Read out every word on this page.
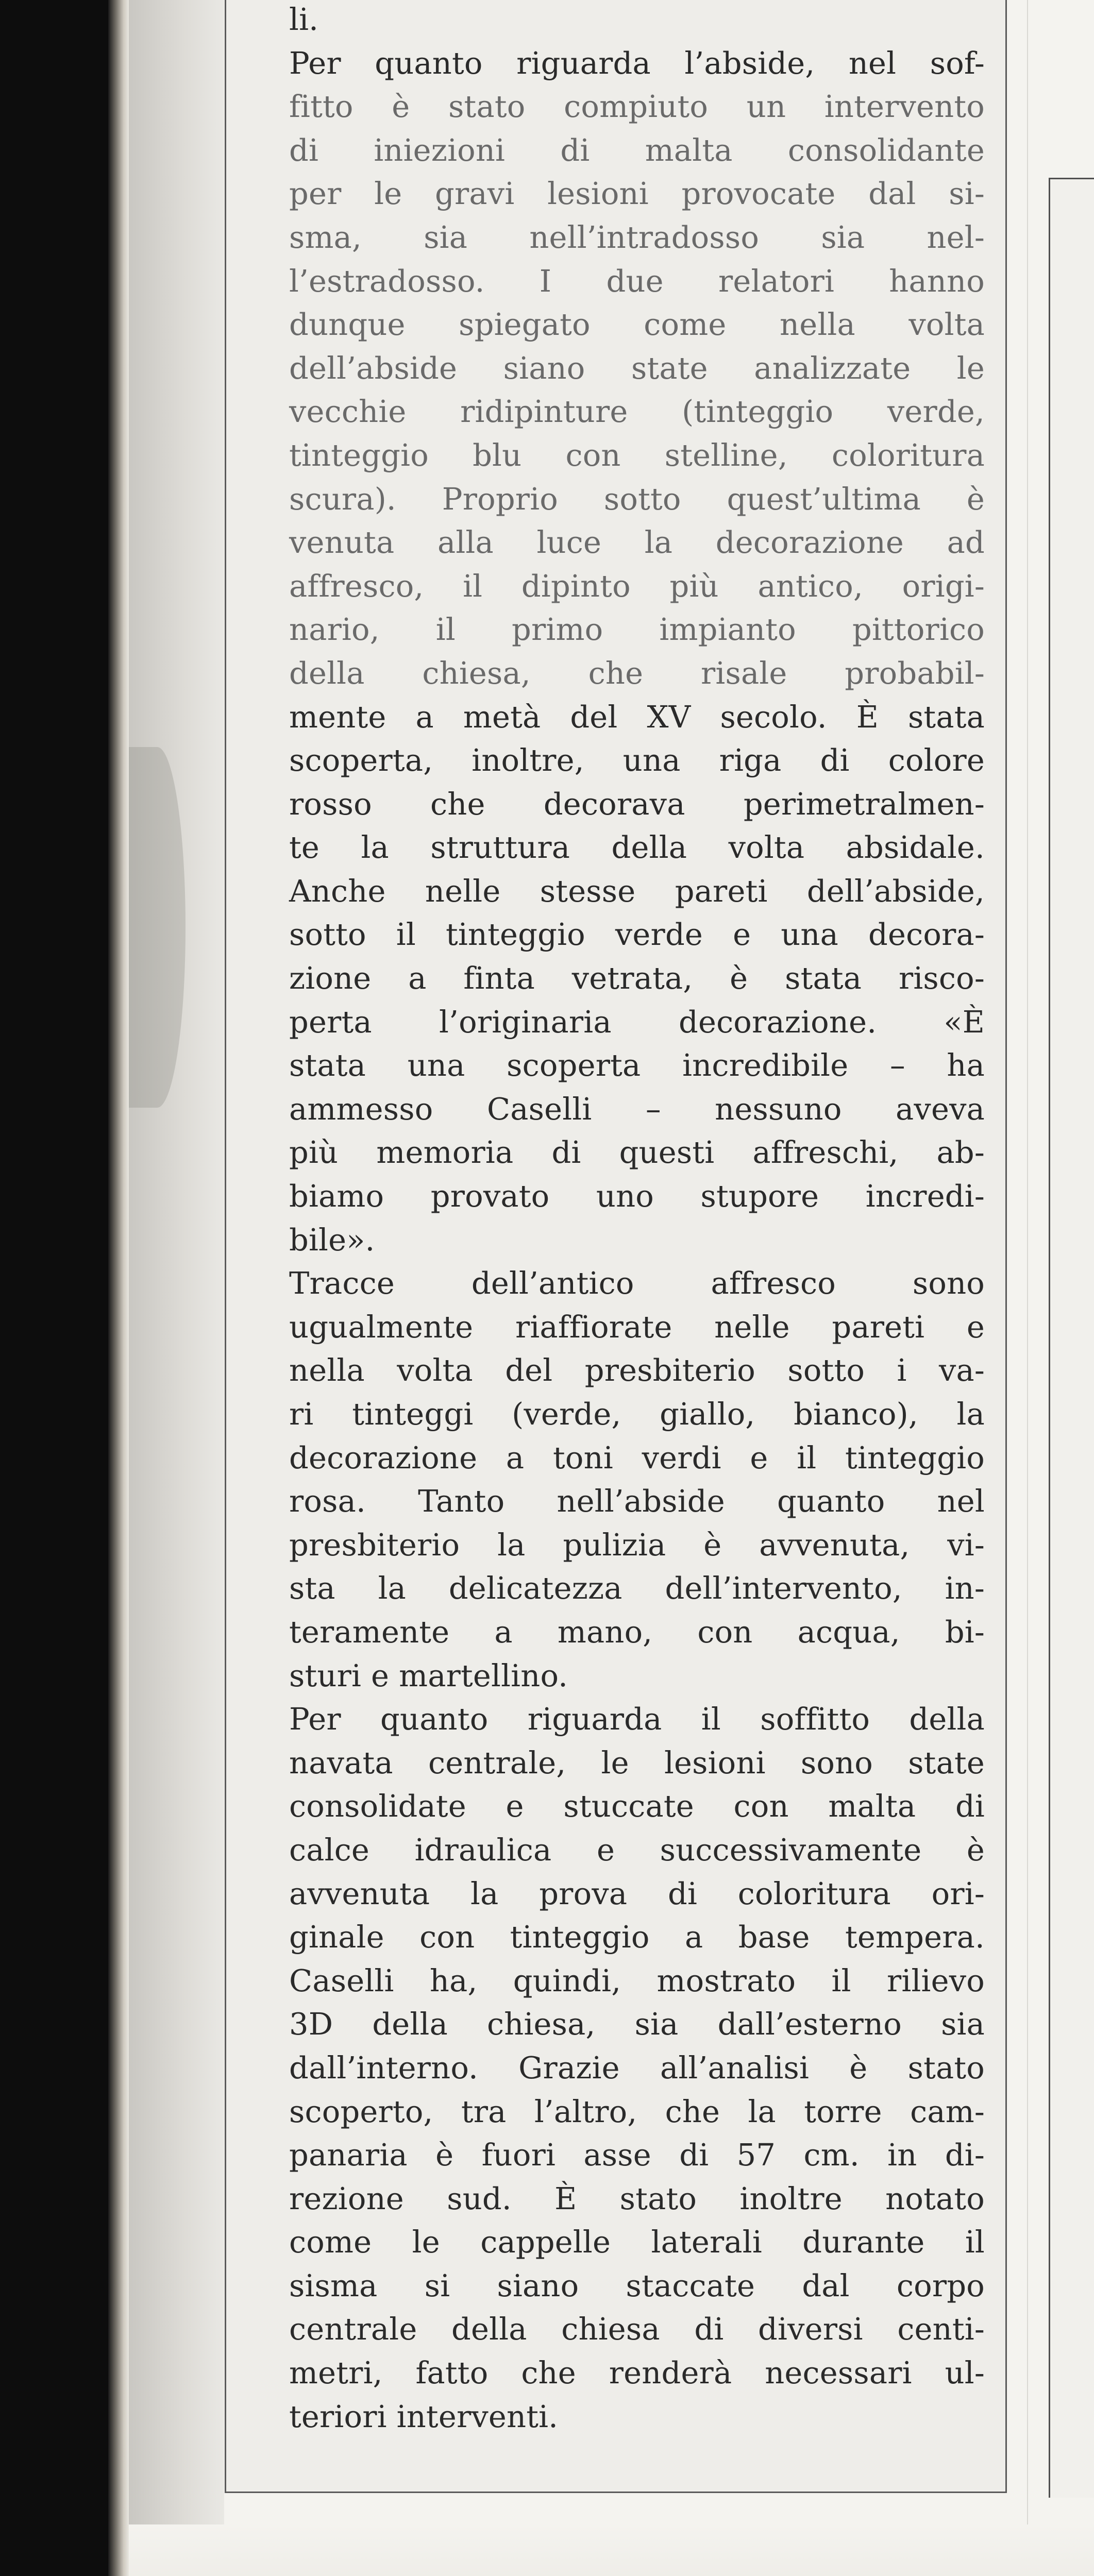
li.
Per quanto riguarda l’abside, nel sof-
fitto è stato compiuto un intervento
di iniezioni di malta consolidante
per le gravi lesioni provocate dal si-
sma, sia nell’intradosso sia nel-
l’estradosso. I due relatori hanno
dunque spiegato come nella volta
dell’abside siano state analizzate le
vecchie ridipinture (tinteggio verde,
tinteggio blu con stelline, coloritura
scura). Proprio sotto quest’ultima è
venuta alla luce la decorazione ad
affresco, il dipinto più antico, origi-
nario, il primo impianto pittorico
della chiesa, che risale probabil-
mente a metà del XV secolo. È stata
scoperta, inoltre, una riga di colore
rosso che decorava perimetralmen-
te la struttura della volta absidale.
Anche nelle stesse pareti dell’abside,
sotto il tinteggio verde e una decora-
zione a finta vetrata, è stata risco-
perta l’originaria decorazione. «È
stata una scoperta incredibile – ha
ammesso Caselli – nessuno aveva
più memoria di questi affreschi, ab-
biamo provato uno stupore incredi-
bile».
Tracce dell’antico affresco sono
ugualmente riaffiorate nelle pareti e
nella volta del presbiterio sotto i va-
ri tinteggi (verde, giallo, bianco), la
decorazione a toni verdi e il tinteggio
rosa. Tanto nell’abside quanto nel
presbiterio la pulizia è avvenuta, vi-
sta la delicatezza dell’intervento, in-
teramente a mano, con acqua, bi-
sturi e martellino.
Per quanto riguarda il soffitto della
navata centrale, le lesioni sono state
consolidate e stuccate con malta di
calce idraulica e successivamente è
avvenuta la prova di coloritura ori-
ginale con tinteggio a base tempera.
Caselli ha, quindi, mostrato il rilievo
3D della chiesa, sia dall’esterno sia
dall’interno. Grazie all’analisi è stato
scoperto, tra l’altro, che la torre cam-
panaria è fuori asse di 57 cm. in di-
rezione sud. È stato inoltre notato
come le cappelle laterali durante il
sisma si siano staccate dal corpo
centrale della chiesa di diversi centi-
metri, fatto che renderà necessari ul-
teriori interventi.
